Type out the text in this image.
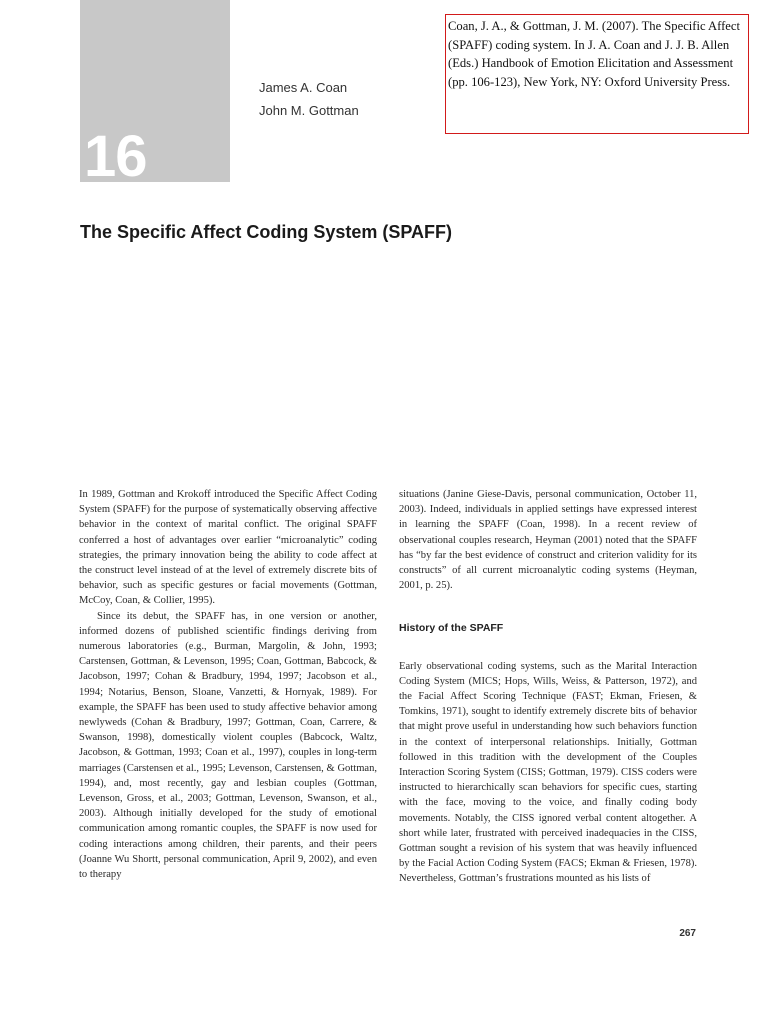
16
James A. Coan
John M. Gottman
Coan, J. A., & Gottman, J. M. (2007). The Specific Affect (SPAFF) coding system. In J. A. Coan and J. J. B. Allen (Eds.) Handbook of Emotion Elicitation and Assessment (pp. 106-123), New York, NY: Oxford University Press.
The Specific Affect Coding System (SPAFF)

In 1989, Gottman and Krokoff introduced the Specific Affect Coding System (SPAFF) for the purpose of systematically observing affective behavior in the context of marital conflict. The original SPAFF conferred a host of advantages over earlier “microanalytic” coding strategies, the primary innovation being the ability to code affect at the construct level instead of at the level of extremely discrete bits of behavior, such as specific gestures or facial movements (Gottman, McCoy, Coan, & Collier, 1995).

Since its debut, the SPAFF has, in one version or another, informed dozens of published scientific findings deriving from numerous laboratories (e.g., Burman, Margolin, & John, 1993; Carstensen, Gottman, & Levenson, 1995; Coan, Gottman, Babcock, & Jacobson, 1997; Cohan & Bradbury, 1994, 1997; Jacobson et al., 1994; Notarius, Benson, Sloane, Vanzetti, & Hornyak, 1989). For example, the SPAFF has been used to study affective behavior among newlyweds (Cohan & Bradbury, 1997; Gottman, Coan, Carrere, & Swanson, 1998), domestically violent couples (Babcock, Waltz, Jacobson, & Gottman, 1993; Coan et al., 1997), couples in long-term marriages (Carstensen et al., 1995; Levenson, Carstensen, & Gottman, 1994), and, most recently, gay and lesbian couples (Gottman, Levenson, Gross, et al., 2003; Gottman, Levenson, Swanson, et al., 2003). Although initially developed for the study of emotional communication among romantic couples, the SPAFF is now used for coding interactions among children, their parents, and their peers (Joanne Wu Shortt, personal communication, April 9, 2002), and even to therapy

situations (Janine Giese-Davis, personal communication, October 11, 2003). Indeed, individuals in applied settings have expressed interest in learning the SPAFF (Coan, 1998). In a recent review of observational couples research, Heyman (2001) noted that the SPAFF has “by far the best evidence of construct and criterion validity for its constructs” of all current microanalytic coding systems (Heyman, 2001, p. 25).

History of the SPAFF

Early observational coding systems, such as the Marital Interaction Coding System (MICS; Hops, Wills, Weiss, & Patterson, 1972), and the Facial Affect Scoring Technique (FAST; Ekman, Friesen, & Tomkins, 1971), sought to identify extremely discrete bits of behavior that might prove useful in understanding how such behaviors function in the context of interpersonal relationships. Initially, Gottman followed in this tradition with the development of the Couples Interaction Scoring System (CISS; Gottman, 1979). CISS coders were instructed to hierarchically scan behaviors for specific cues, starting with the face, moving to the voice, and finally coding body movements. Notably, the CISS ignored verbal content altogether. A short while later, frustrated with perceived inadequacies in the CISS, Gottman sought a revision of his system that was heavily influenced by the Facial Action Coding System (FACS; Ekman & Friesen, 1978). Nevertheless, Gottman’s frustrations mounted as his lists of

267
